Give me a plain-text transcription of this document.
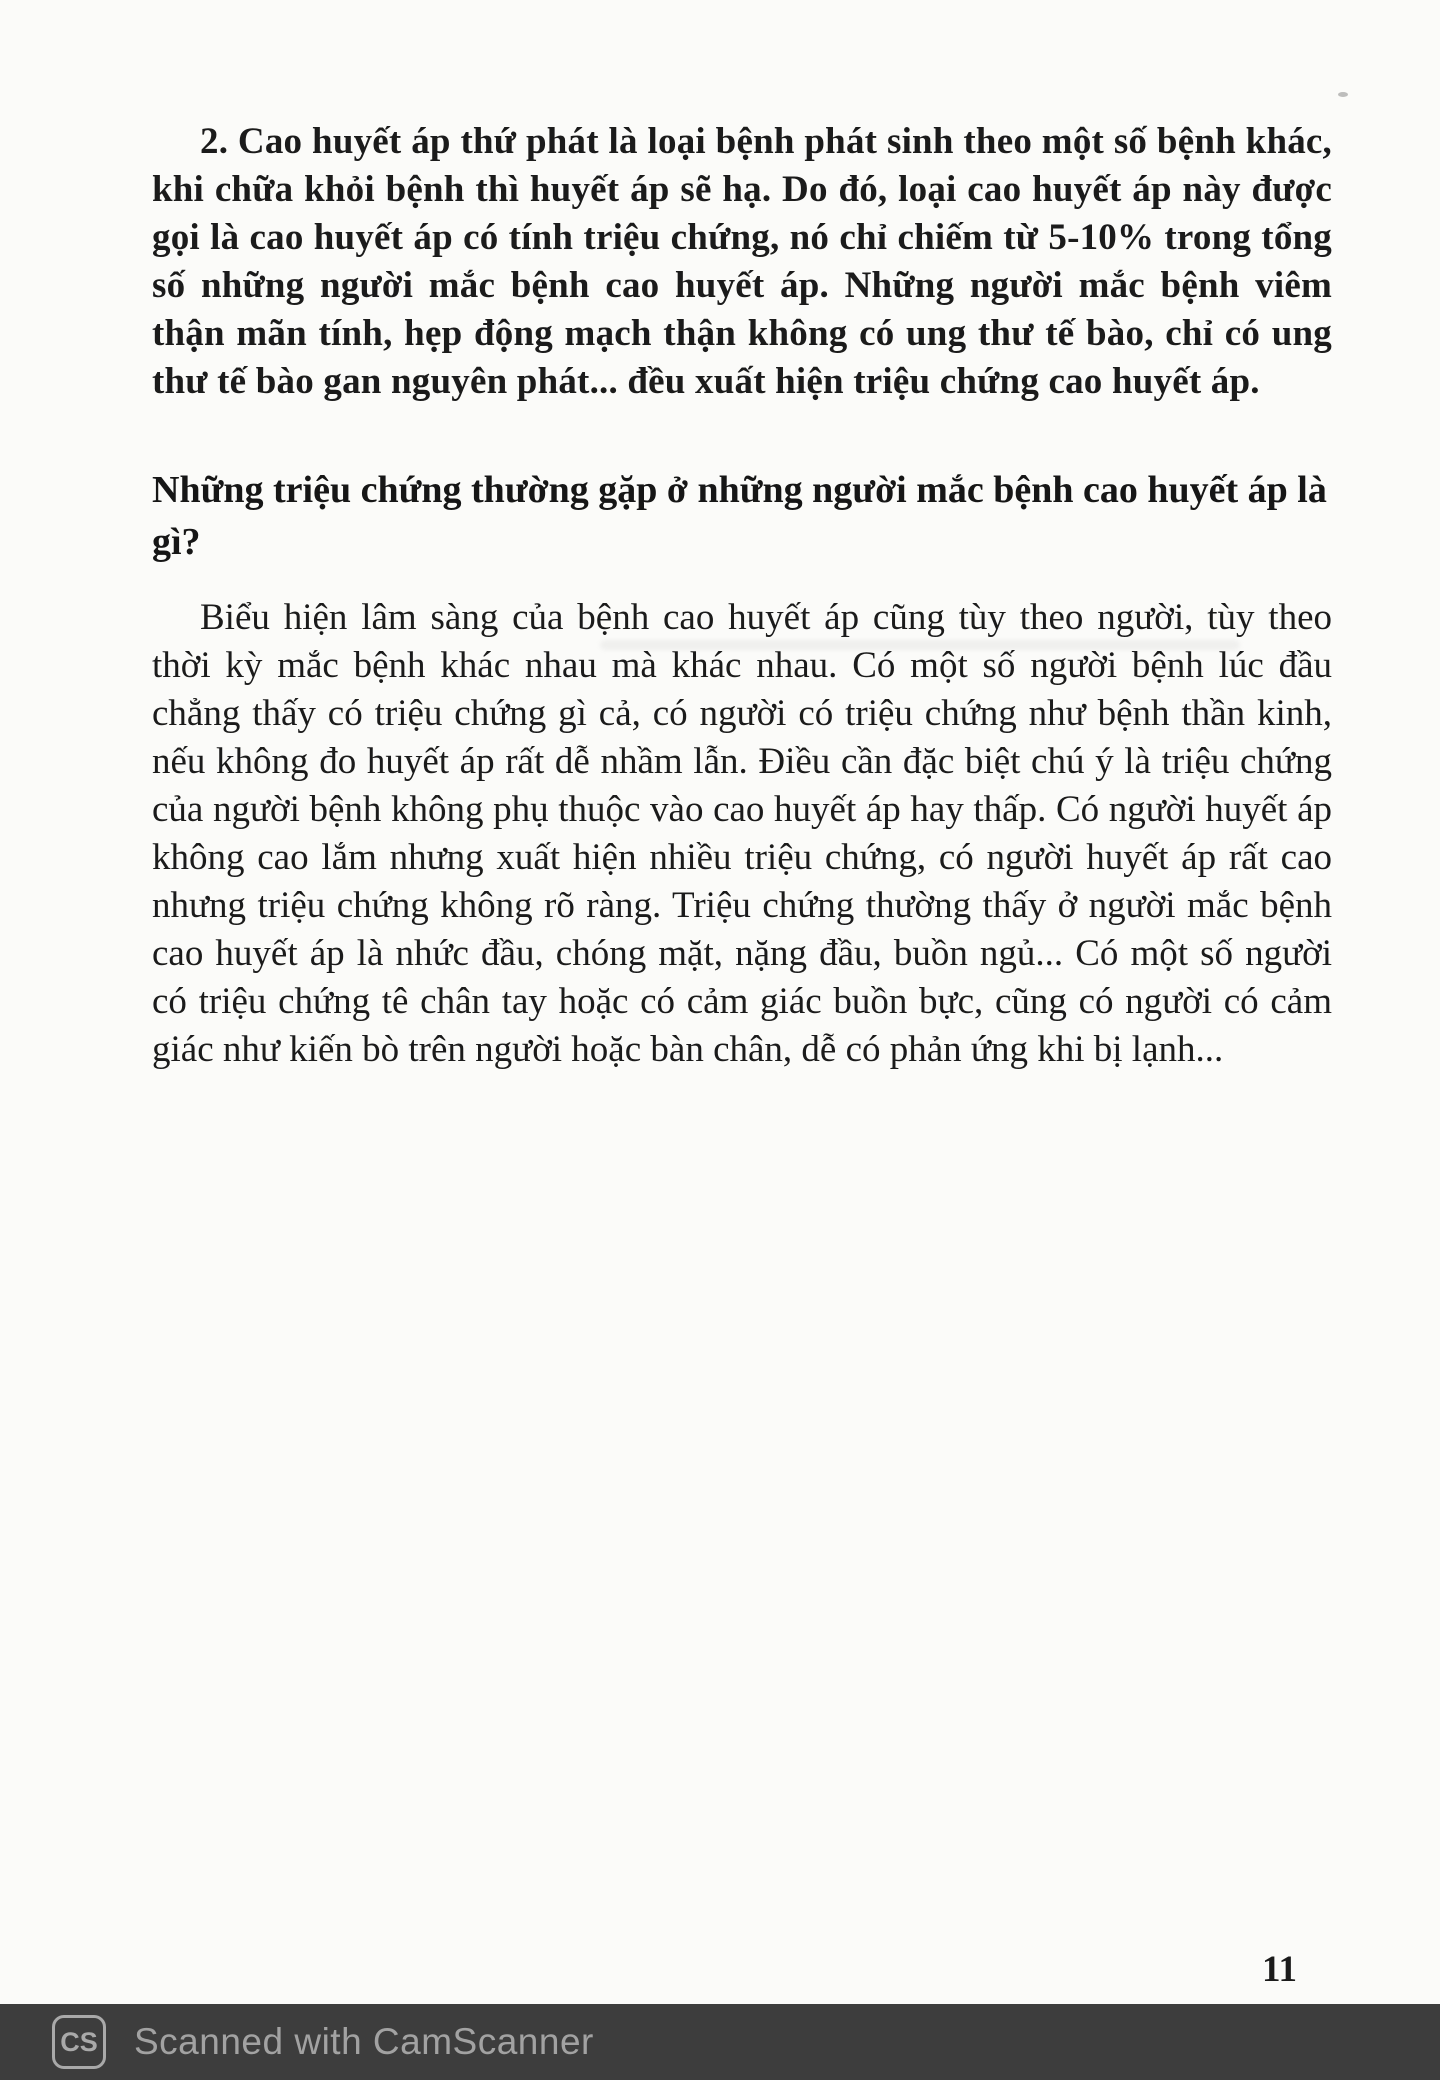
2. Cao huyết áp thứ phát là loại bệnh phát sinh theo một số bệnh khác, khi chữa khỏi bệnh thì huyết áp sẽ hạ. Do đó, loại cao huyết áp này được gọi là cao huyết áp có tính triệu chứng, nó chỉ chiếm từ 5-10% trong tổng số những người mắc bệnh cao huyết áp. Những người mắc bệnh viêm thận mãn tính, hẹp động mạch thận không có ung thư tế bào, chỉ có ung thư tế bào gan nguyên phát... đều xuất hiện triệu chứng cao huyết áp.

Những triệu chứng thường gặp ở những người mắc bệnh cao huyết áp là gì?

Biểu hiện lâm sàng của bệnh cao huyết áp cũng tùy theo người, tùy theo thời kỳ mắc bệnh khác nhau mà khác nhau. Có một số người bệnh lúc đầu chẳng thấy có triệu chứng gì cả, có người có triệu chứng như bệnh thần kinh, nếu không đo huyết áp rất dễ nhầm lẫn. Điều cần đặc biệt chú ý là triệu chứng của người bệnh không phụ thuộc vào cao huyết áp hay thấp. Có người huyết áp không cao lắm nhưng xuất hiện nhiều triệu chứng, có người huyết áp rất cao nhưng triệu chứng không rõ ràng. Triệu chứng thường thấy ở người mắc bệnh cao huyết áp là nhức đầu, chóng mặt, nặng đầu, buồn ngủ... Có một số người có triệu chứng tê chân tay hoặc có cảm giác buồn bực, cũng có người có cảm giác như kiến bò trên người hoặc bàn chân, dễ có phản ứng khi bị lạnh...

11
CS Scanned with CamScanner
